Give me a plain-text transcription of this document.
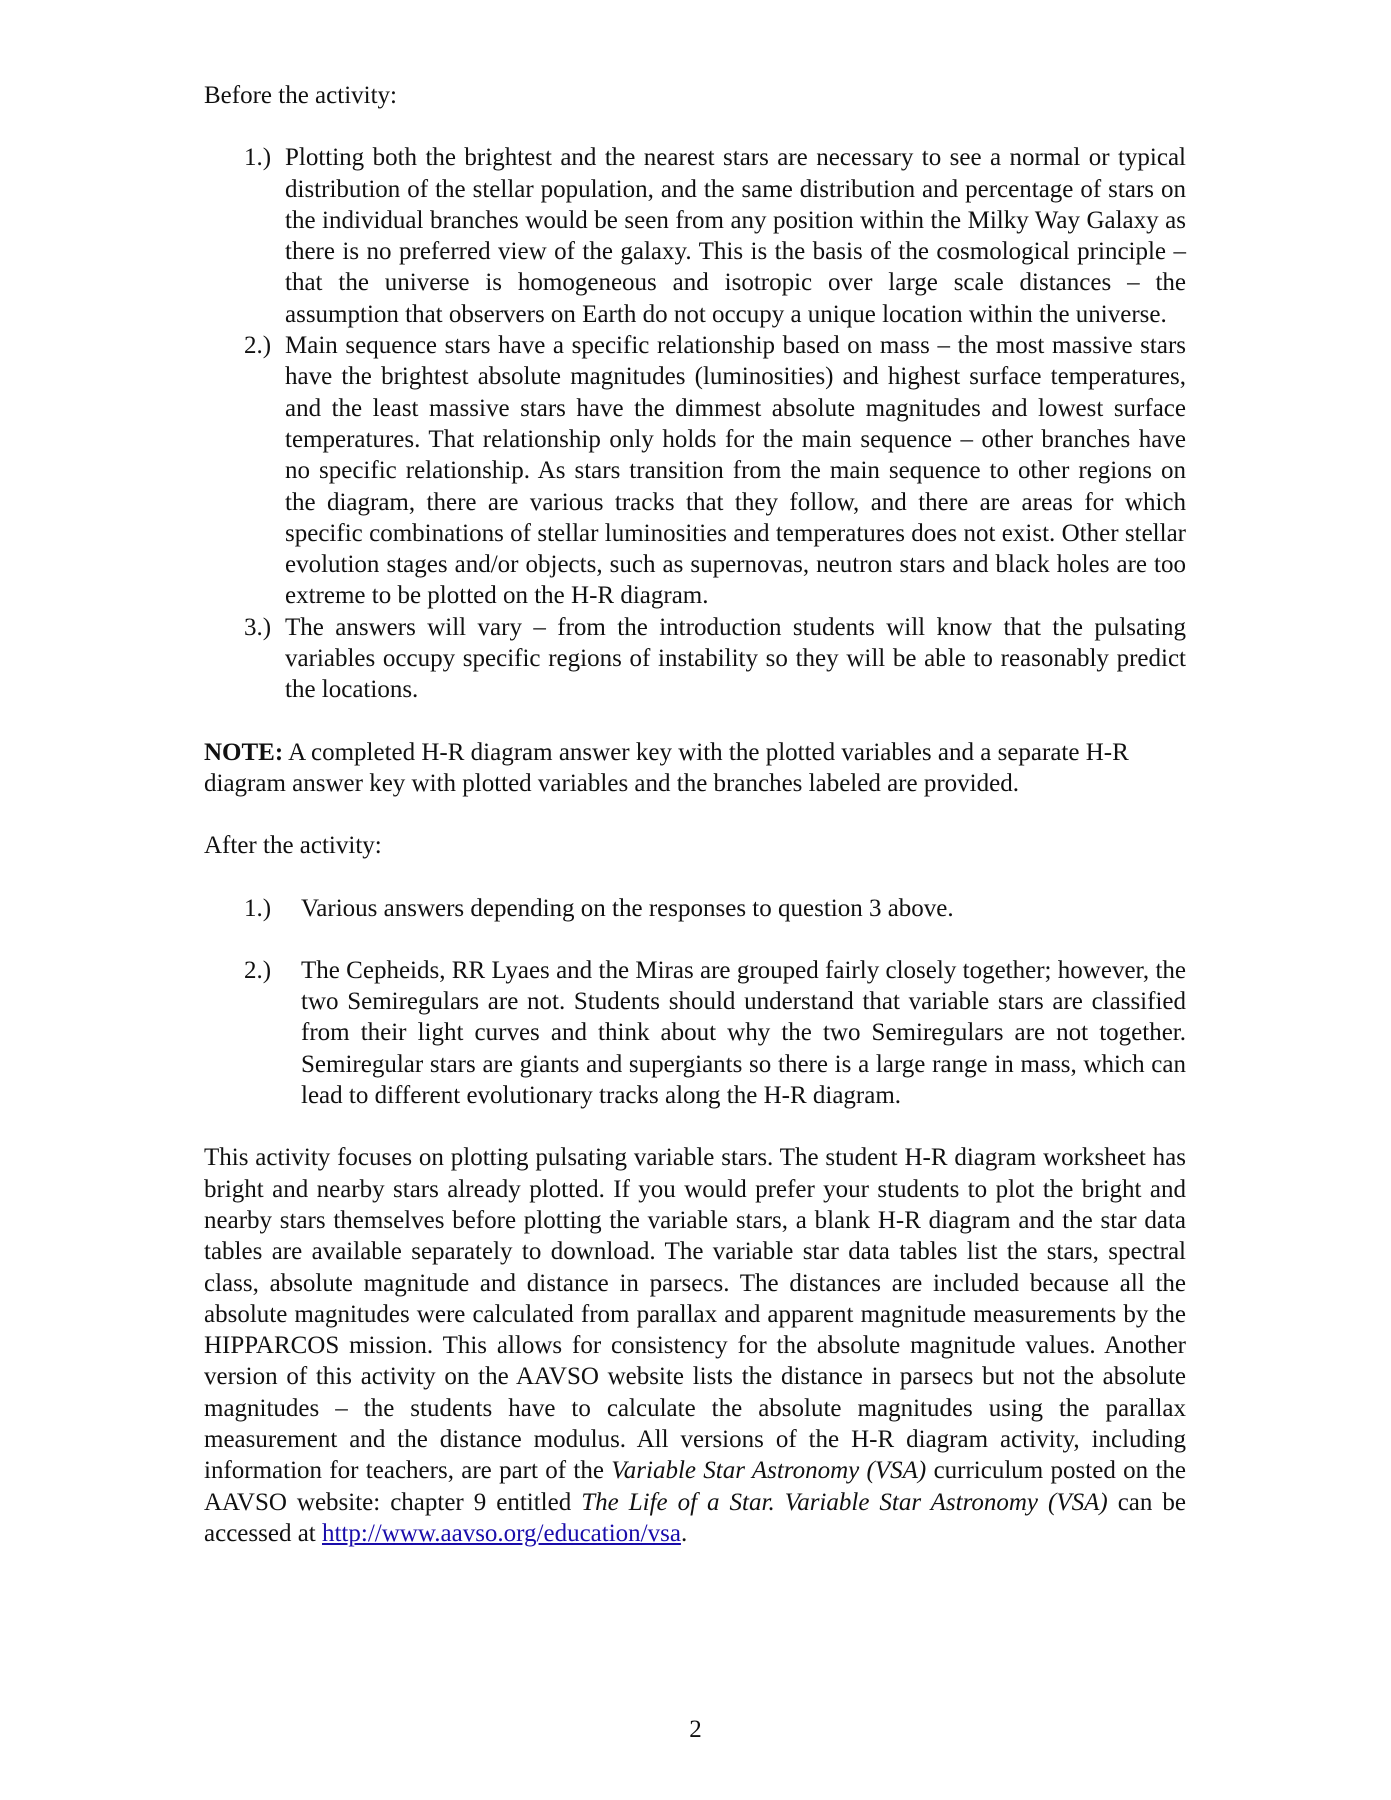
Before the activity:

1.) Plotting both the brightest and the nearest stars are necessary to see a normal or typical distribution of the stellar population, and the same distribution and percentage of stars on the individual branches would be seen from any position within the Milky Way Galaxy as there is no preferred view of the galaxy. This is the basis of the cosmological principle – that the universe is homogeneous and isotropic over large scale distances – the assumption that observers on Earth do not occupy a unique location within the universe.
2.) Main sequence stars have a specific relationship based on mass – the most massive stars have the brightest absolute magnitudes (luminosities) and highest surface temperatures, and the least massive stars have the dimmest absolute magnitudes and lowest surface temperatures. That relationship only holds for the main sequence – other branches have no specific relationship. As stars transition from the main sequence to other regions on the diagram, there are various tracks that they follow, and there are areas for which specific combinations of stellar luminosities and temperatures does not exist. Other stellar evolution stages and/or objects, such as supernovas, neutron stars and black holes are too extreme to be plotted on the H-R diagram.
3.) The answers will vary – from the introduction students will know that the pulsating variables occupy specific regions of instability so they will be able to reasonably predict the locations.

NOTE: A completed H-R diagram answer key with the plotted variables and a separate H-R diagram answer key with plotted variables and the branches labeled are provided.

After the activity:

1.) Various answers depending on the responses to question 3 above.
2.) The Cepheids, RR Lyaes and the Miras are grouped fairly closely together; however, the two Semiregulars are not. Students should understand that variable stars are classified from their light curves and think about why the two Semiregulars are not together. Semiregular stars are giants and supergiants so there is a large range in mass, which can lead to different evolutionary tracks along the H-R diagram.

This activity focuses on plotting pulsating variable stars. The student H-R diagram worksheet has bright and nearby stars already plotted. If you would prefer your students to plot the bright and nearby stars themselves before plotting the variable stars, a blank H-R diagram and the star data tables are available separately to download. The variable star data tables list the stars, spectral class, absolute magnitude and distance in parsecs. The distances are included because all the absolute magnitudes were calculated from parallax and apparent magnitude measurements by the HIPPARCOS mission. This allows for consistency for the absolute magnitude values. Another version of this activity on the AAVSO website lists the distance in parsecs but not the absolute magnitudes – the students have to calculate the absolute magnitudes using the parallax measurement and the distance modulus. All versions of the H-R diagram activity, including information for teachers, are part of the Variable Star Astronomy (VSA) curriculum posted on the AAVSO website: chapter 9 entitled The Life of a Star. Variable Star Astronomy (VSA) can be accessed at http://www.aavso.org/education/vsa.

2
